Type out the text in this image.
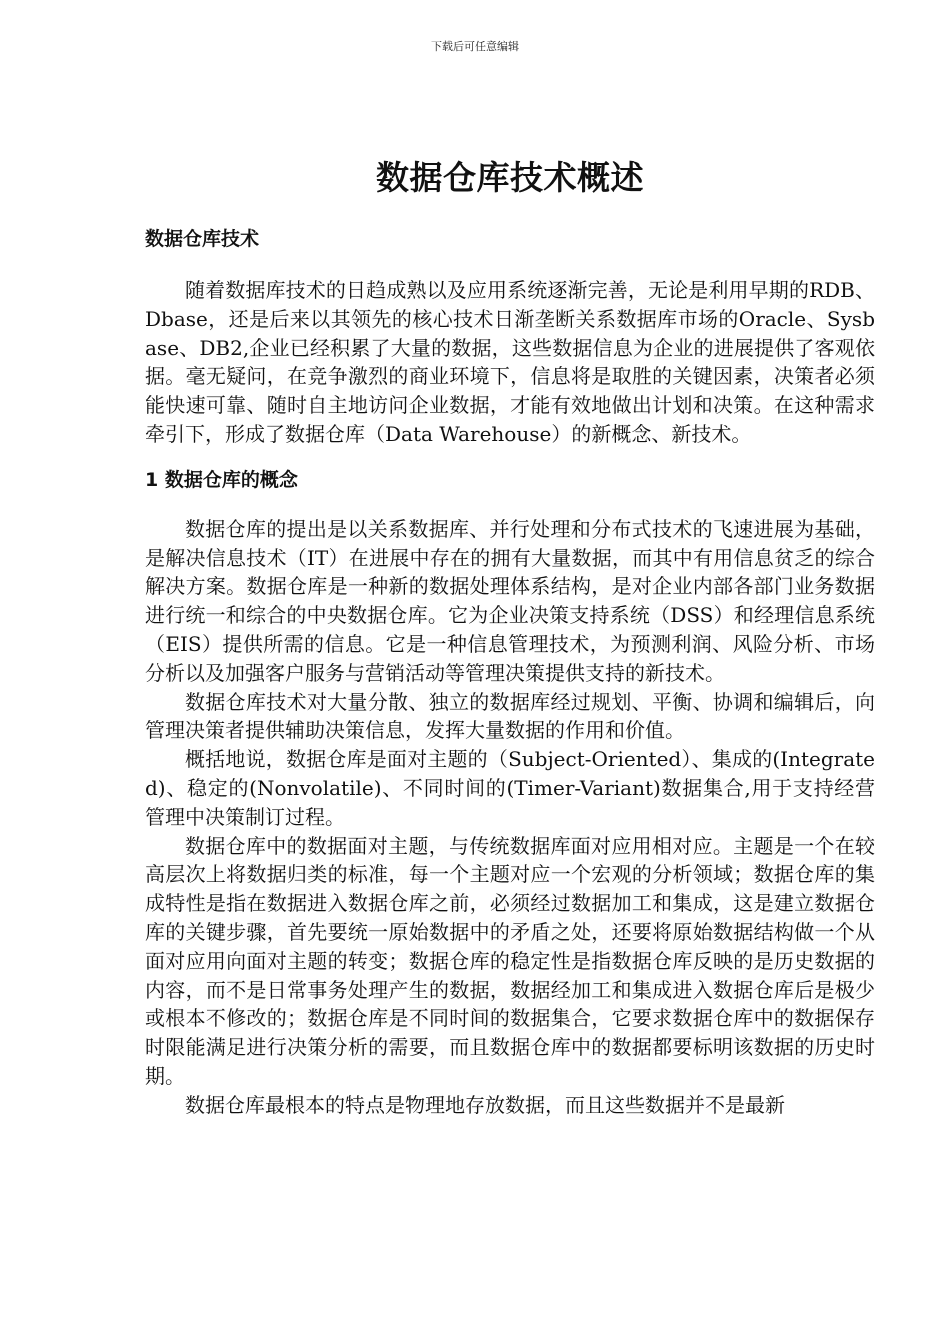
下载后可任意编辑
数据仓库技术概述

数据仓库技术

随着数据库技术的日趋成熟以及应用系统逐渐完善，无论是利用早期的RDB、Dbase，还是后来以其领先的核心技术日渐垄断关系数据库市场的Oracle、Sysbase、DB2,企业已经积累了大量的数据，这些数据信息为企业的进展提供了客观依据。毫无疑问，在竞争激烈的商业环境下，信息将是取胜的关键因素，决策者必须能快速可靠、随时自主地访问企业数据，才能有效地做出计划和决策。在这种需求牵引下，形成了数据仓库（Data Warehouse）的新概念、新技术。

1 数据仓库的概念

数据仓库的提出是以关系数据库、并行处理和分布式技术的飞速进展为基础，是解决信息技术（IT）在进展中存在的拥有大量数据，而其中有用信息贫乏的综合解决方案。数据仓库是一种新的数据处理体系结构，是对企业内部各部门业务数据进行统一和综合的中央数据仓库。它为企业决策支持系统（DSS）和经理信息系统（EIS）提供所需的信息。它是一种信息管理技术，为预测利润、风险分析、市场分析以及加强客户服务与营销活动等管理决策提供支持的新技术。

数据仓库技术对大量分散、独立的数据库经过规划、平衡、协调和编辑后，向管理决策者提供辅助决策信息，发挥大量数据的作用和价值。

概括地说，数据仓库是面对主题的（Subject-Oriented）、集成的(Integrated)、稳定的(Nonvolatile)、不同时间的(Timer-Variant)数据集合,用于支持经营管理中决策制订过程。

数据仓库中的数据面对主题，与传统数据库面对应用相对应。主题是一个在较高层次上将数据归类的标准，每一个主题对应一个宏观的分析领域；数据仓库的集成特性是指在数据进入数据仓库之前，必须经过数据加工和集成，这是建立数据仓库的关键步骤，首先要统一原始数据中的矛盾之处，还要将原始数据结构做一个从面对应用向面对主题的转变；数据仓库的稳定性是指数据仓库反映的是历史数据的内容，而不是日常事务处理产生的数据，数据经加工和集成进入数据仓库后是极少或根本不修改的；数据仓库是不同时间的数据集合，它要求数据仓库中的数据保存时限能满足进行决策分析的需要，而且数据仓库中的数据都要标明该数据的历史时期。

数据仓库最根本的特点是物理地存放数据，而且这些数据并不是最新
